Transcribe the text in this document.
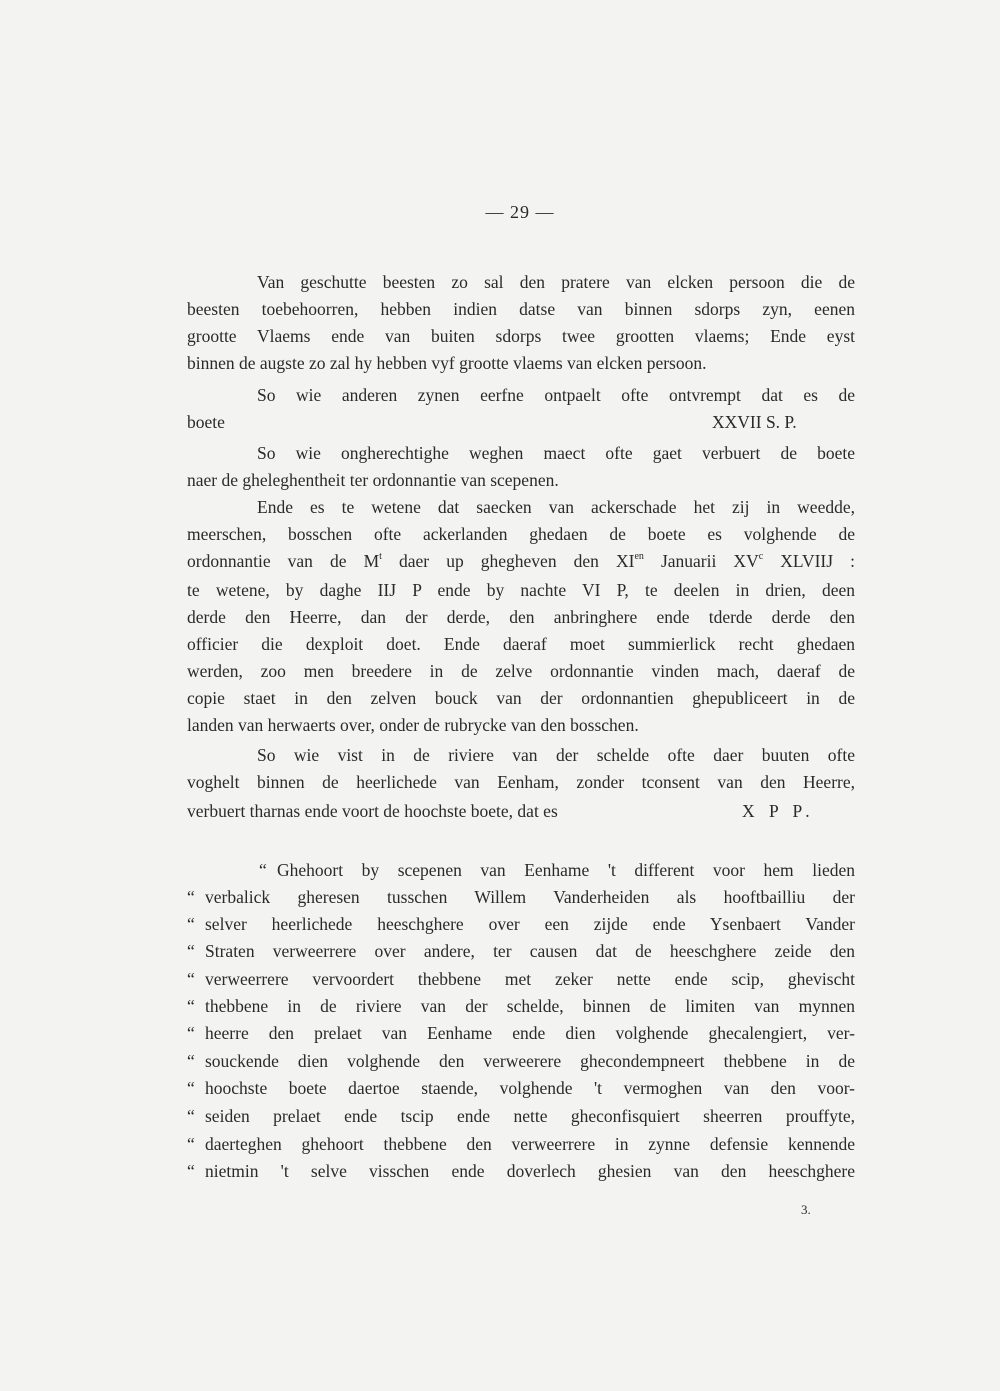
— 29 —
Van geschutte beesten zo sal den pratere van elcken persoon die de
beesten toebehoorren, hebben indien datse van binnen sdorps zyn, eenen
grootte Vlaems ende van buiten sdorps twee grootten vlaems; Ende eyst
binnen de augste zo zal hy hebben vyf grootte vlaems van elcken persoon.
So wie anderen zynen eerfne ontpaelt ofte ontvrempt dat es de
boete	XXVII S. P.
So wie ongherechtighe weghen maect ofte gaet verbuert de boete
naer de gheleghentheit ter ordonnantie van scepenen.
Ende es te wetene dat saecken van ackerschade het zij in weedde,
meerschen, bosschen ofte ackerlanden ghedaen de boete es volghende de
ordonnantie van de $M^t$ daer up ghegheven den $XI^{en}$ Januarii $XV^c$ XLVIIJ :
te wetene, by daghe IIJ P ende by nachte VI P, te deelen in drien, deen
derde den Heerre, dan der derde, den anbringhere ende tderde derde den
officier die dexploit doet. Ende daeraf moet summierlick recht ghedaen
werden, zoo men breedere in de zelve ordonnantie vinden mach, daeraf de
copie staet in den zelven bouck van der ordonnantien ghepubliceert in de
landen van herwaerts over, onder de rubrycke van den bosschen.
So wie vist in de riviere van der schelde ofte daer buuten ofte
voghelt binnen de heerlichede van Eenham, zonder tconsent van den Heerre,
verbuert tharnas ende voort de hoochste boete, dat es	X P P.
“ Ghehoort by scepenen van Eenhame 't different voor hem lieden
“ verbalick gheresen tusschen Willem Vanderheiden als hooftbailliu der
“ selver heerlichede heeschghere over een zijde ende Ysenbaert Vander
“ Straten verweerrere over andere, ter causen dat de heeschghere zeide den
“ verweerrere vervoordert thebbene met zeker nette ende scip, ghevischt
“ thebbene in de riviere van der schelde, binnen de limiten van mynnen
“ heerre den prelaet van Eenhame ende dien volghende ghecalengiert, ver-
“ souckende dien volghende den verweerere ghecondempneert thebbene in de
“ hoochste boete daertoe staende, volghende 't vermoghen van den voor-
“ seiden prelaet ende tscip ende nette gheconfisquiert sheerren prouffyte,
“ daerteghen ghehoort thebbene den verweerrere in zynne defensie kennende
“ nietmin 't selve visschen ende doverlech ghesien van den heeschghere
3.
